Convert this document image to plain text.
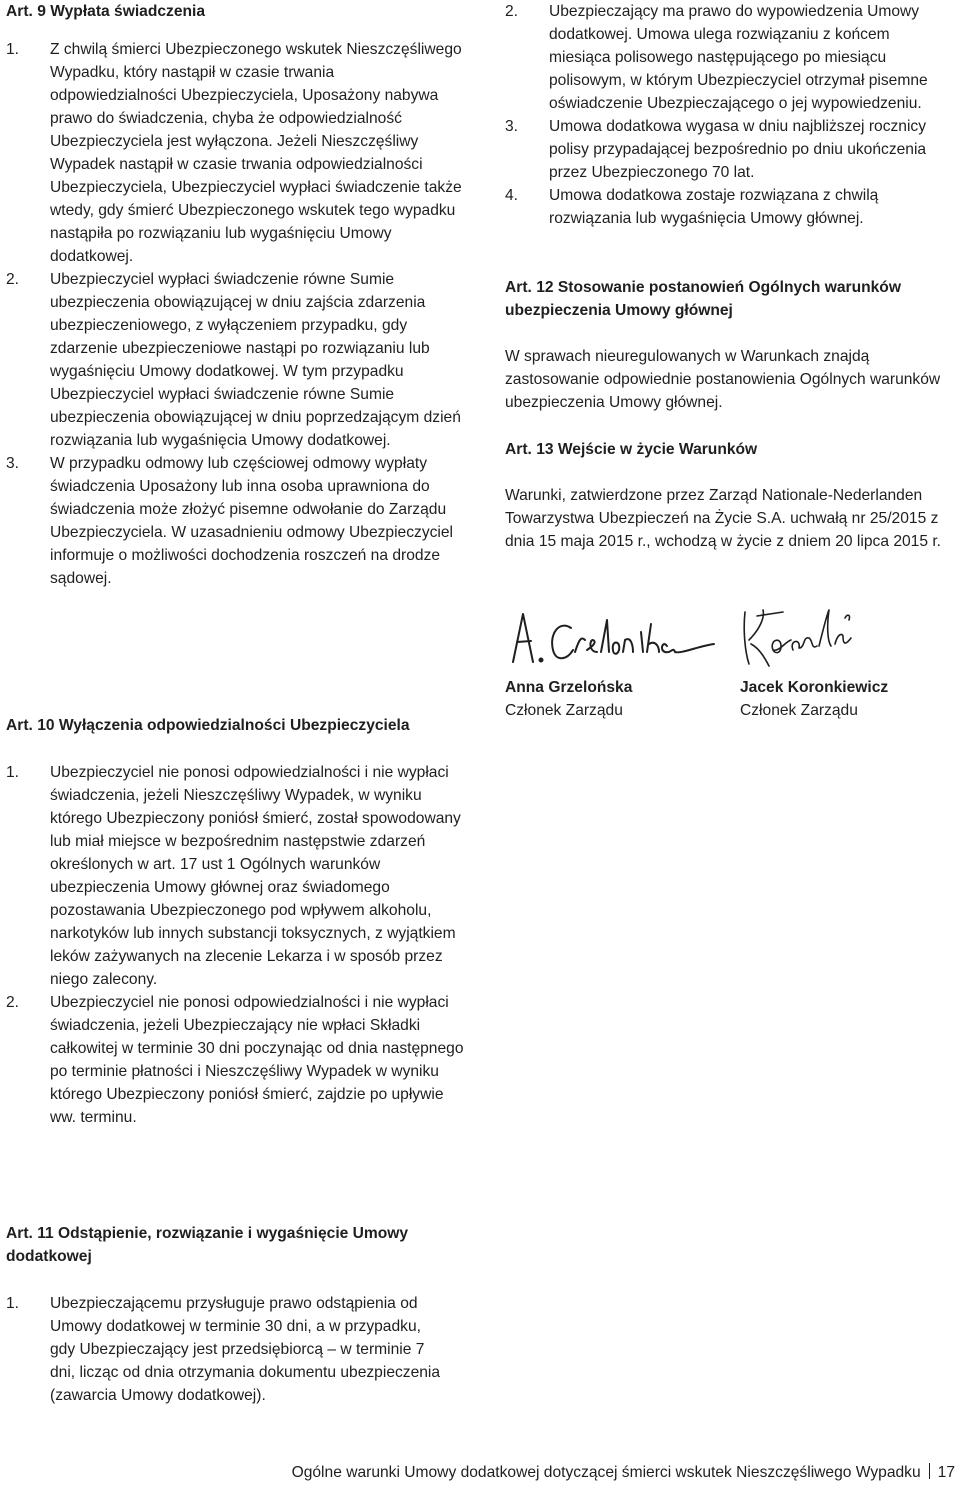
Art. 9 Wypłata świadczenia

1. Z chwilą śmierci Ubezpieczonego wskutek Nieszczęśliwego Wypadku, który nastąpił w czasie trwania odpowiedzialności Ubezpieczyciela, Uposażony nabywa prawo do świadczenia, chyba że odpowiedzialność Ubezpieczyciela jest wyłączona. Jeżeli Nieszczęśliwy Wypadek nastąpił w czasie trwania odpowiedzialności Ubezpieczyciela, Ubezpieczyciel wypłaci świadczenie także wtedy, gdy śmierć Ubezpieczonego wskutek tego wypadku nastąpiła po rozwiązaniu lub wygaśnięciu Umowy dodatkowej.
2. Ubezpieczyciel wypłaci świadczenie równe Sumie ubezpieczenia obowiązującej w dniu zajścia zdarzenia ubezpieczeniowego, z wyłączeniem przypadku, gdy zdarzenie ubezpieczeniowe nastąpi po rozwiązaniu lub wygaśnięciu Umowy dodatkowej. W tym przypadku Ubezpieczyciel wypłaci świadczenie równe Sumie ubezpieczenia obowiązującej w dniu poprzedzającym dzień rozwiązania lub wygaśnięcia Umowy dodatkowej.
3. W przypadku odmowy lub częściowej odmowy wypłaty świadczenia Uposażony lub inna osoba uprawniona do świadczenia może złożyć pisemne odwołanie do Zarządu Ubezpieczyciela. W uzasadnieniu odmowy Ubezpieczyciel informuje o możliwości dochodzenia roszczeń na drodze sądowej.

Art. 10 Wyłączenia odpowiedzialności Ubezpieczyciela

1. Ubezpieczyciel nie ponosi odpowiedzialności i nie wypłaci świadczenia, jeżeli Nieszczęśliwy Wypadek, w wyniku którego Ubezpieczony poniósł śmierć, został spowodowany lub miał miejsce w bezpośrednim następstwie zdarzeń określonych w art. 17 ust 1 Ogólnych warunków ubezpieczenia Umowy głównej oraz świadomego pozostawania Ubezpieczonego pod wpływem alkoholu, narkotyków lub innych substancji toksycznych, z wyjątkiem leków zażywanych na zlecenie Lekarza i w sposób przez niego zalecony.
2. Ubezpieczyciel nie ponosi odpowiedzialności i nie wypłaci świadczenia, jeżeli Ubezpieczający nie wpłaci Składki całkowitej w terminie 30 dni poczynając od dnia następnego po terminie płatności i Nieszczęśliwy Wypadek w wyniku którego Ubezpieczony poniósł śmierć, zajdzie po upływie ww. terminu.

Art. 11 Odstąpienie, rozwiązanie i wygaśnięcie Umowy dodatkowej

1. Ubezpieczającemu przysługuje prawo odstąpienia od Umowy dodatkowej w terminie 30 dni, a w przypadku, gdy Ubezpieczający jest przedsiębiorcą – w terminie 7 dni, licząc od dnia otrzymania dokumentu ubezpieczenia (zawarcia Umowy dodatkowej).
2. Ubezpieczający ma prawo do wypowiedzenia Umowy dodatkowej. Umowa ulega rozwiązaniu z końcem miesiąca polisowego następującego po miesiącu polisowym, w którym Ubezpieczyciel otrzymał pisemne oświadczenie Ubezpieczającego o jej wypowiedzeniu.
3. Umowa dodatkowa wygasa w dniu najbliższej rocznicy polisy przypadającej bezpośrednio po dniu ukończenia przez Ubezpieczonego 70 lat.
4. Umowa dodatkowa zostaje rozwiązana z chwilą rozwiązania lub wygaśnięcia Umowy głównej.

Art. 12 Stosowanie postanowień Ogólnych warunków ubezpieczenia Umowy głównej

W sprawach nieuregulowanych w Warunkach znajdą zastosowanie odpowiednie postanowienia Ogólnych warunków ubezpieczenia Umowy głównej.

Art. 13 Wejście w życie Warunków

Warunki, zatwierdzone przez Zarząd Nationale-Nederlanden Towarzystwa Ubezpieczeń na Życie S.A. uchwałą nr 25/2015 z dnia 15 maja 2015 r., wchodzą w życie z dniem 20 lipca 2015 r.

Anna Grzelońska
Członek Zarządu
Jacek Koronkiewicz
Członek Zarządu
Ogólne warunki Umowy dodatkowej dotyczącej śmierci wskutek Nieszczęśliwego Wypadku 17
